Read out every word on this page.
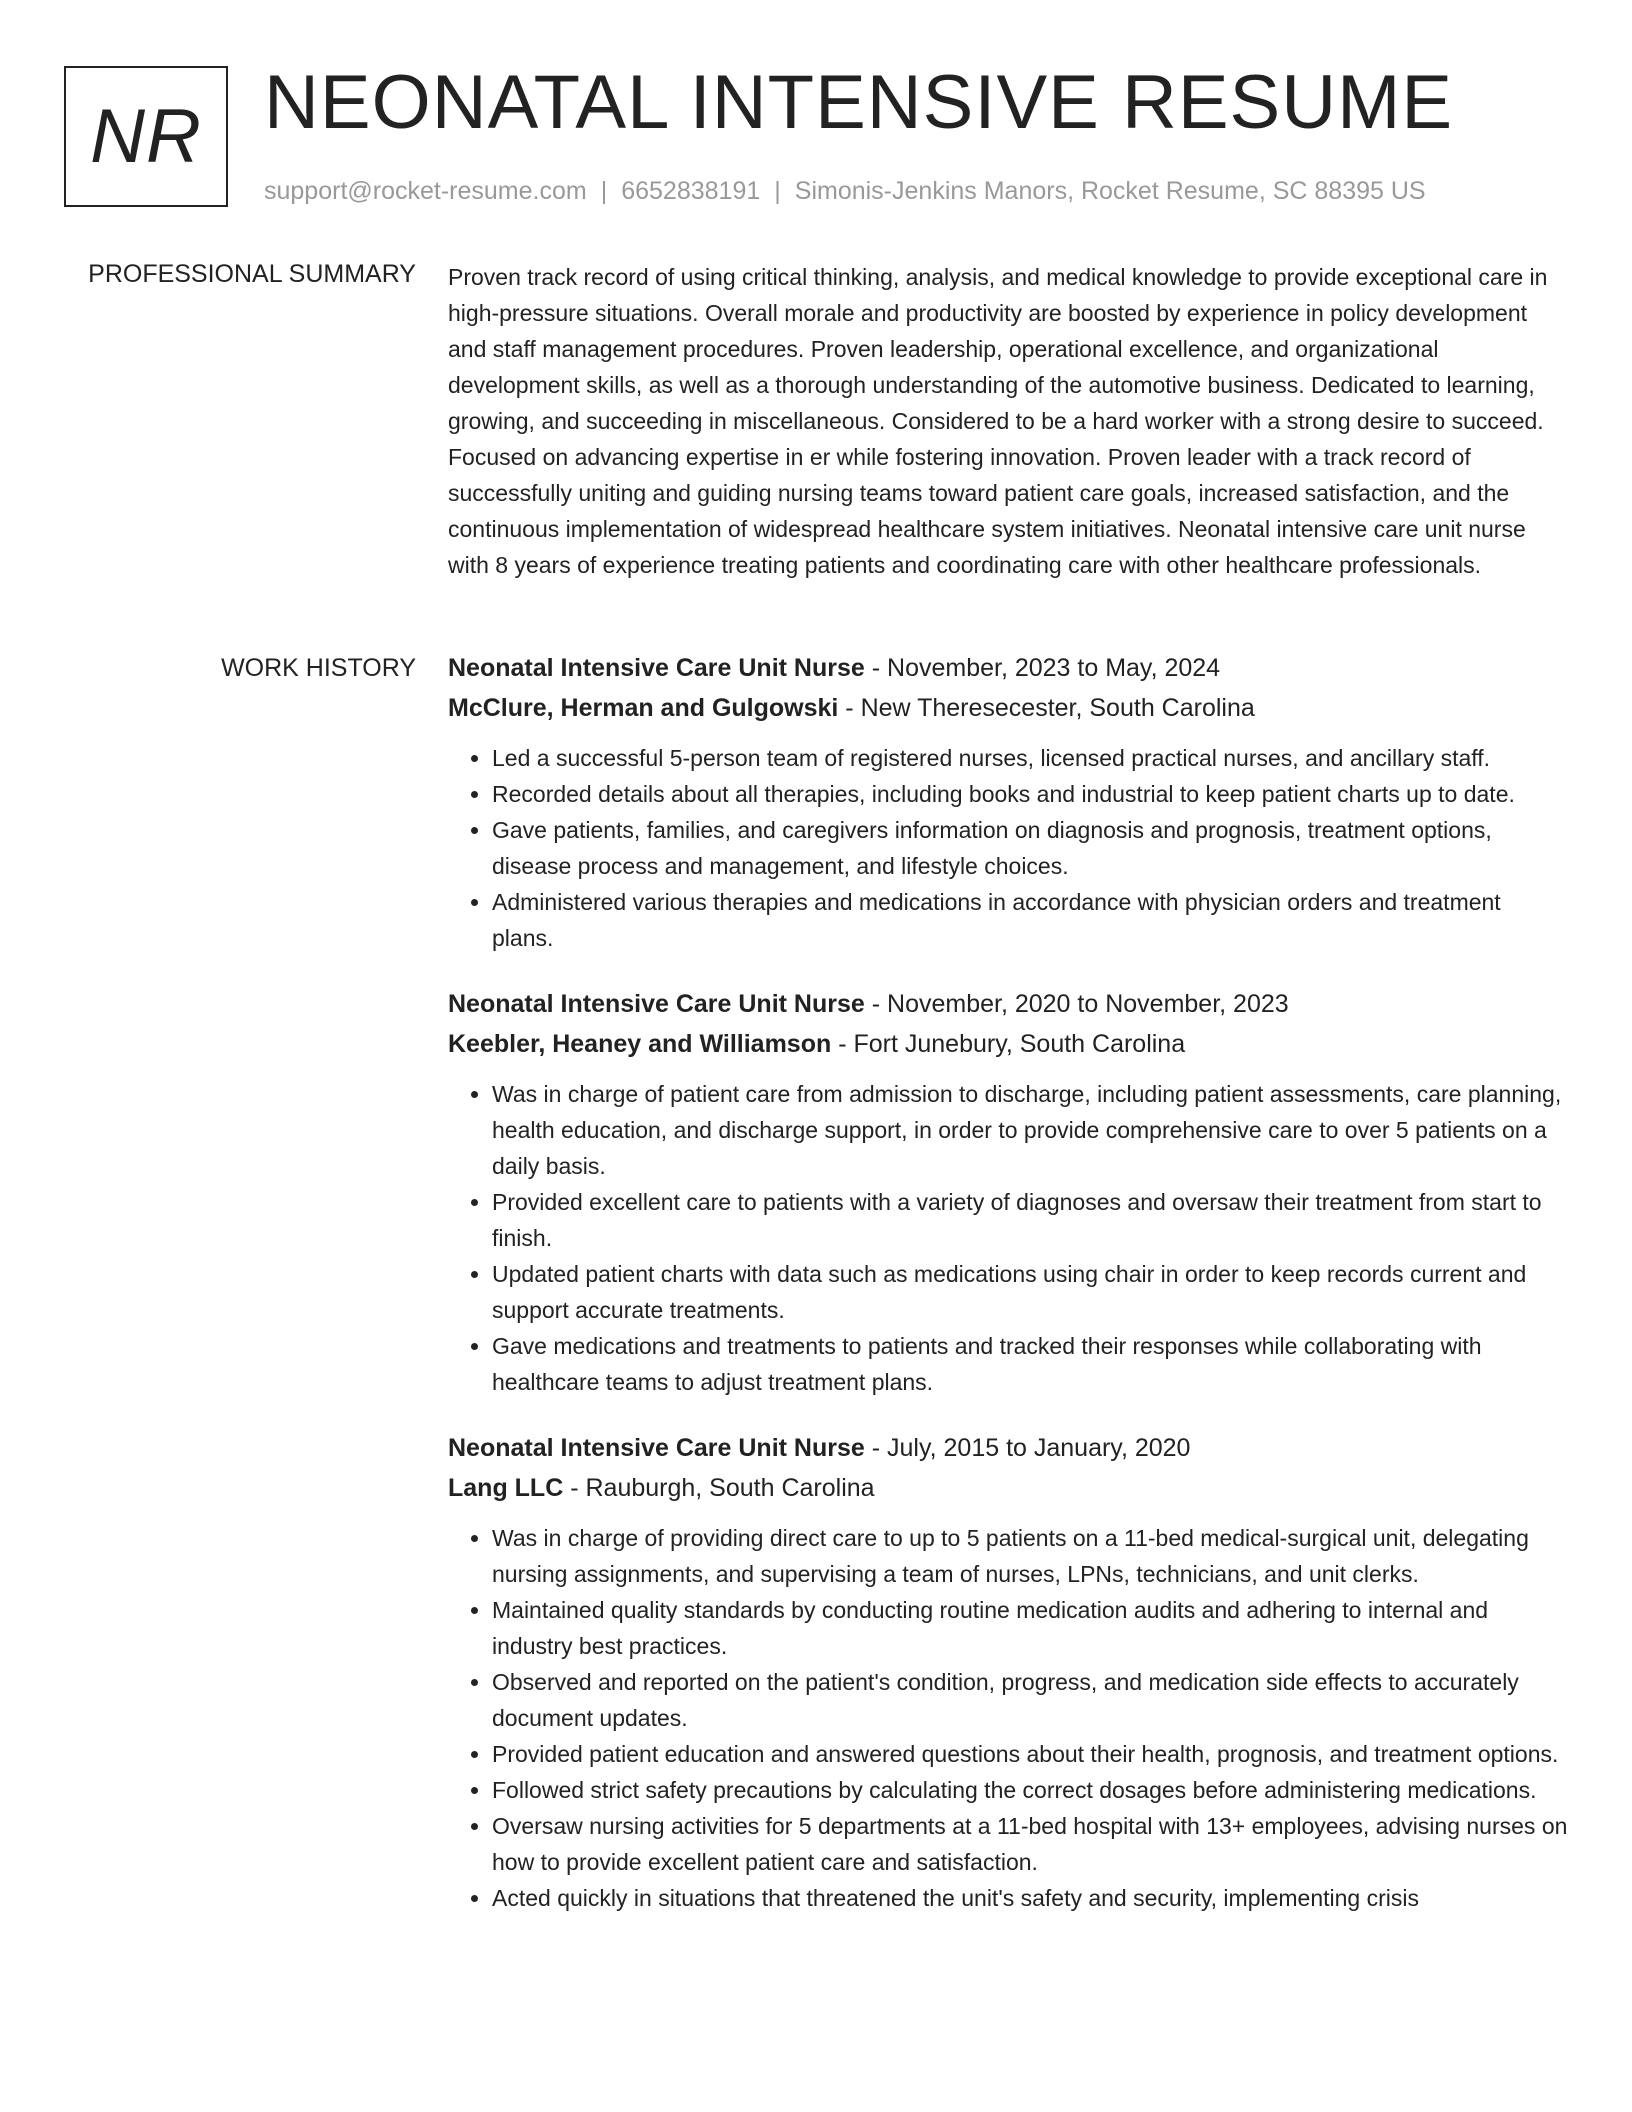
NR NEONATAL INTENSIVE RESUME
support@rocket-resume.com | 6652838191 | Simonis-Jenkins Manors, Rocket Resume, SC 88395 US
PROFESSIONAL SUMMARY Proven track record of using critical thinking, analysis, and medical knowledge to provide exceptional care in high-pressure situations. Overall morale and productivity are boosted by experience in policy development and staff management procedures. Proven leadership, operational excellence, and organizational development skills, as well as a thorough understanding of the automotive business. Dedicated to learning, growing, and succeeding in miscellaneous. Considered to be a hard worker with a strong desire to succeed. Focused on advancing expertise in er while fostering innovation. Proven leader with a track record of successfully uniting and guiding nursing teams toward patient care goals, increased satisfaction, and the continuous implementation of widespread healthcare system initiatives. Neonatal intensive care unit nurse with 8 years of experience treating patients and coordinating care with other healthcare professionals.

WORK HISTORY Neonatal Intensive Care Unit Nurse - November, 2023 to May, 2024
McClure, Herman and Gulgowski - New Theresecester, South Carolina
• Led a successful 5-person team of registered nurses, licensed practical nurses, and ancillary staff.
• Recorded details about all therapies, including books and industrial to keep patient charts up to date.
• Gave patients, families, and caregivers information on diagnosis and prognosis, treatment options, disease process and management, and lifestyle choices.
• Administered various therapies and medications in accordance with physician orders and treatment plans.
Neonatal Intensive Care Unit Nurse - November, 2020 to November, 2023
Keebler, Heaney and Williamson - Fort Junebury, South Carolina
• Was in charge of patient care from admission to discharge, including patient assessments, care planning, health education, and discharge support, in order to provide comprehensive care to over 5 patients on a daily basis.
• Provided excellent care to patients with a variety of diagnoses and oversaw their treatment from start to finish.
• Updated patient charts with data such as medications using chair in order to keep records current and support accurate treatments.
• Gave medications and treatments to patients and tracked their responses while collaborating with healthcare teams to adjust treatment plans.
Neonatal Intensive Care Unit Nurse - July, 2015 to January, 2020
Lang LLC - Rauburgh, South Carolina
• Was in charge of providing direct care to up to 5 patients on a 11-bed medical-surgical unit, delegating nursing assignments, and supervising a team of nurses, LPNs, technicians, and unit clerks.
• Maintained quality standards by conducting routine medication audits and adhering to internal and industry best practices.
• Observed and reported on the patient's condition, progress, and medication side effects to accurately document updates.
• Provided patient education and answered questions about their health, prognosis, and treatment options.
• Followed strict safety precautions by calculating the correct dosages before administering medications.
• Oversaw nursing activities for 5 departments at a 11-bed hospital with 13+ employees, advising nurses on how to provide excellent patient care and satisfaction.
• Acted quickly in situations that threatened the unit's safety and security, implementing crisis
